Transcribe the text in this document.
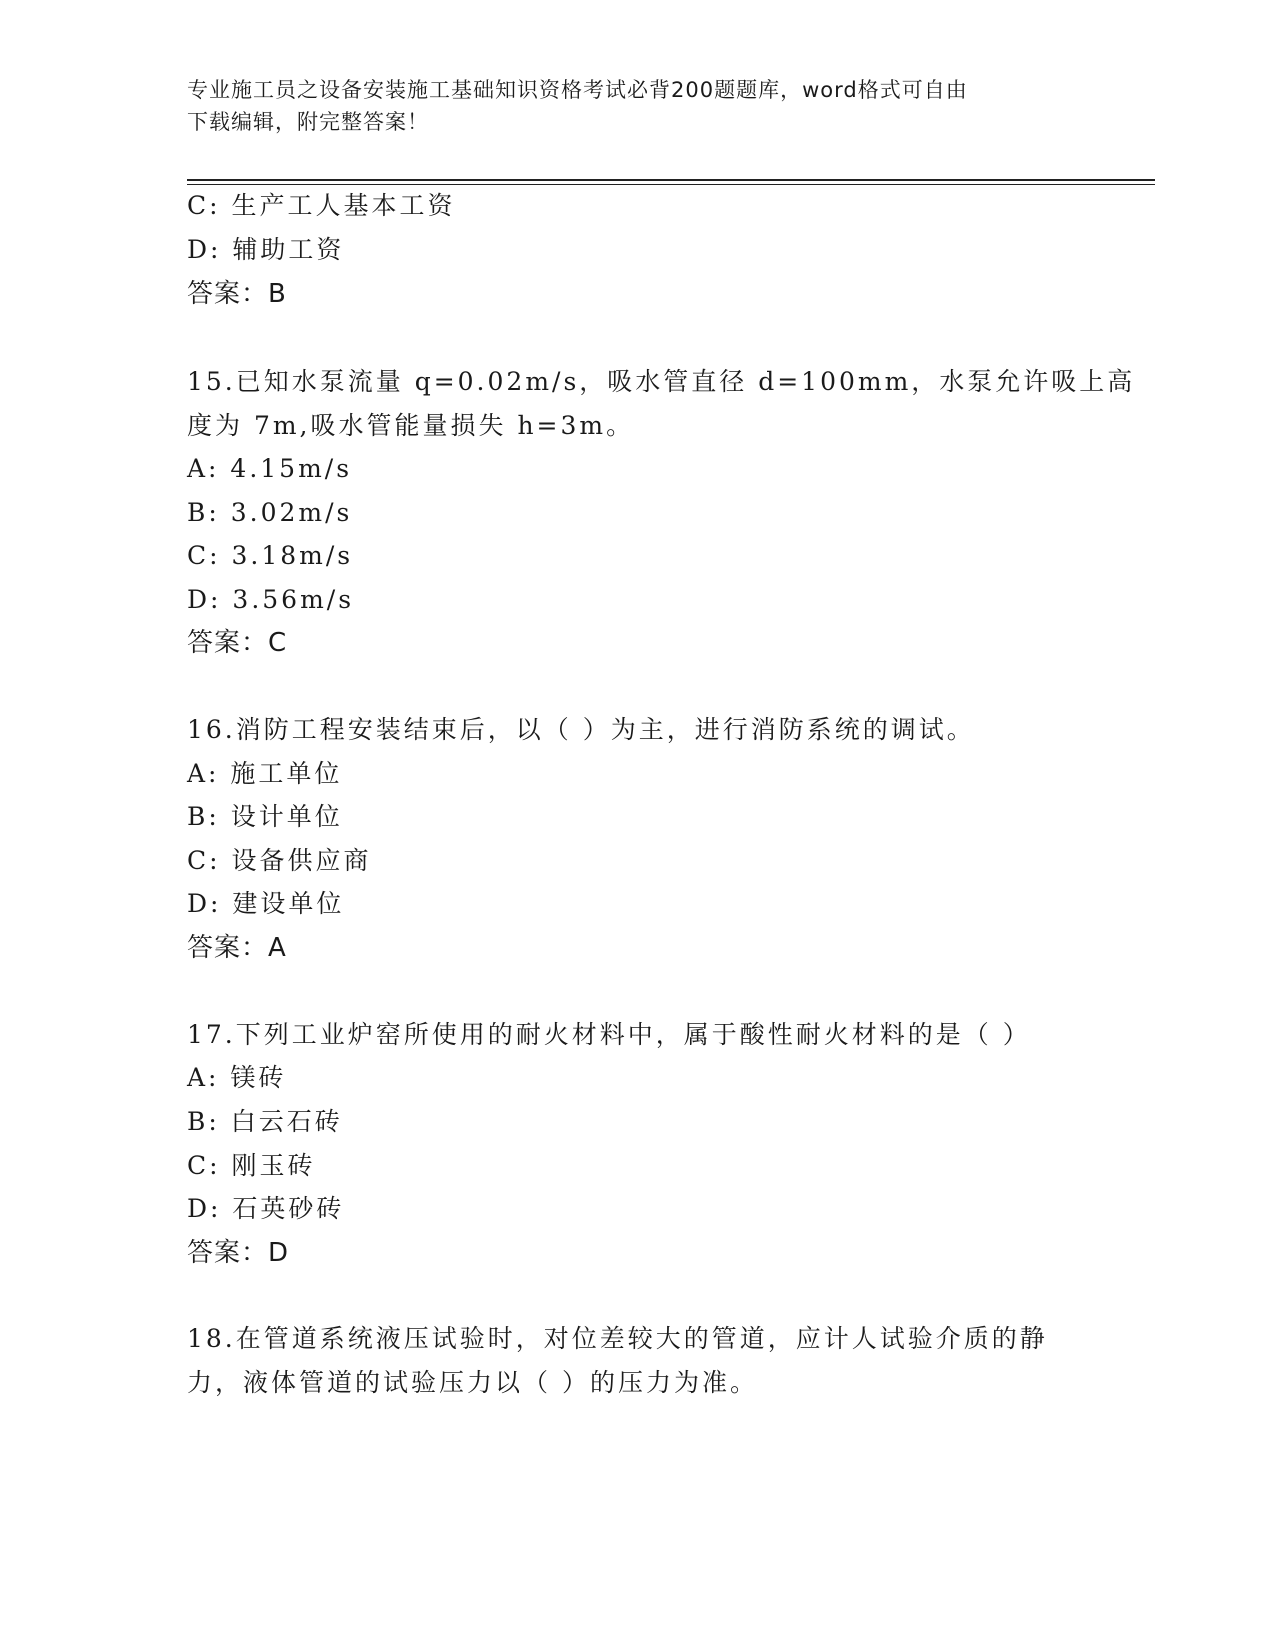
专业施工员之设备安装施工基础知识资格考试必背200题题库，word格式可自由
下载编辑，附完整答案！
C: 生产工人基本工资
D: 辅助工资
答案：B
15.已知水泵流量 q=0.02m/s，吸水管直径 d=100mm，水泵允许吸上高
度为 7m,吸水管能量损失 h=3m。
A: 4.15m/s
B: 3.02m/s
C: 3.18m/s
D: 3.56m/s
答案：C
16.消防工程安装结束后，以（ ）为主，进行消防系统的调试。
A: 施工单位
B: 设计单位
C: 设备供应商
D: 建设单位
答案：A
17.下列工业炉窑所使用的耐火材料中，属于酸性耐火材料的是（ ）
A: 镁砖
B: 白云石砖
C: 刚玉砖
D: 石英砂砖
答案：D
18.在管道系统液压试验时，对位差较大的管道，应计人试验介质的静
力，液体管道的试验压力以（ ）的压力为准。
